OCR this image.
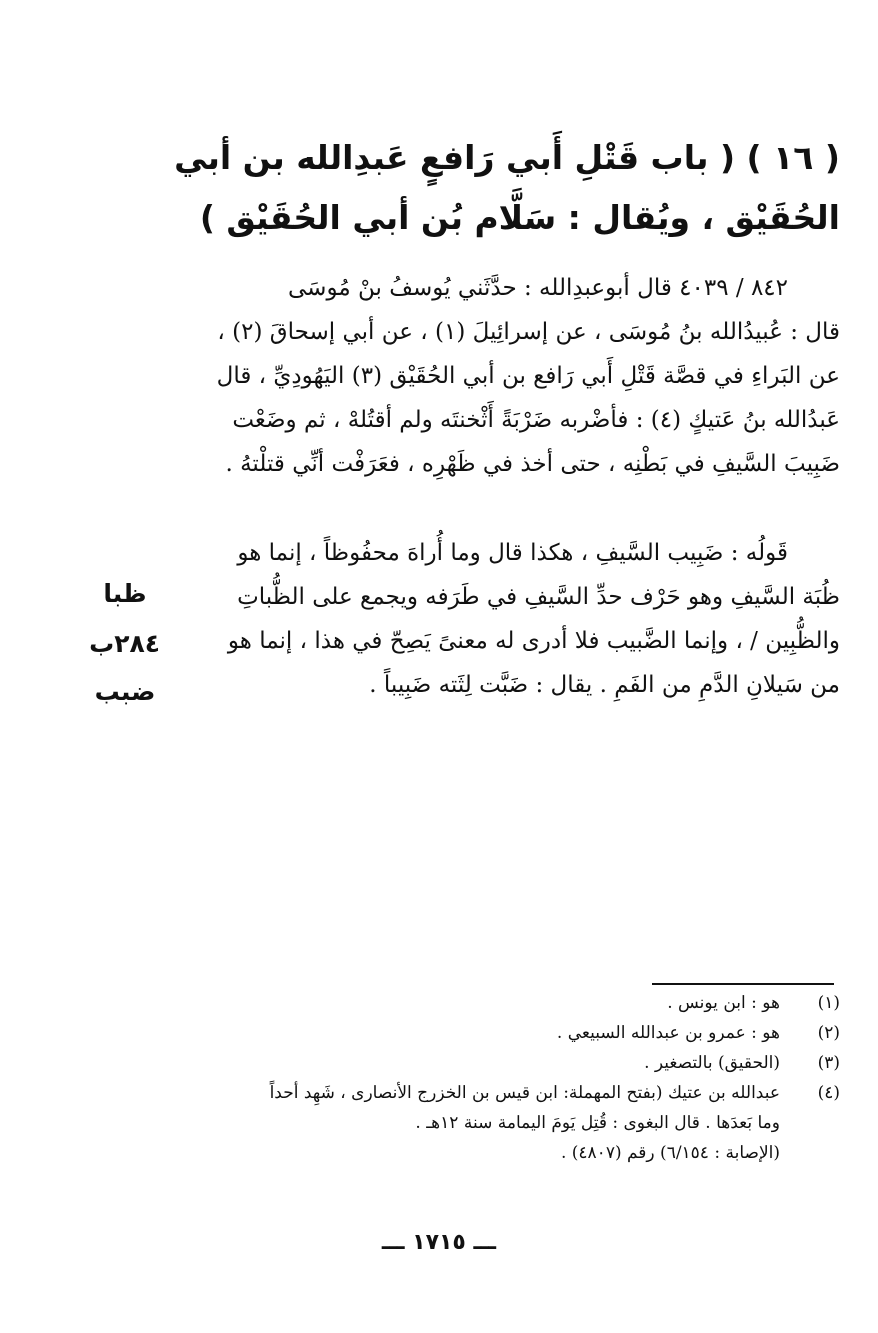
( ١٦ ) ( باب قَتْلِ أَبي رَافعٍ عَبدِالله بن أبي
الحُقَيْق ، ويُقال : سَلَّام بُن أبي الحُقَيْق )
٨٤٢ / ٤٠٣٩ قال أبوعبدِالله : حدَّثَني يُوسفُ بنْ مُوسَى
قال : عُبيدُالله بنُ مُوسَى ، عن إسرائِيلَ (١) ، عن أبي إسحاقَ (٢) ،
عن البَراءِ في قصَّة قَتْلِ أَبي رَافع بن أبي الحُقَيْق (٣) اليَهُودِيِّ ، قال
عَبدُالله بنُ عَتيكٍ (٤) : فأضْربه ضَرْبَةً أَثْخنتَه ولم أقتُلهْ ، ثم وضَعْت
ضَبِيبَ السَّيفِ في بَطْنِه ، حتى أخذ في ظَهْرِه ، فعَرَفْت أنِّي قتلْتهُ .
قَولُه : ضَبِيب السَّيفِ ، هكذا قال وما أُراهَ محفُوظاً ، إنما هو
ظُبَة السَّيفِ وهو حَرْف حدِّ السَّيفِ في طَرَفه ويجمع على الظُّباتِ
والظُّبِين / ، وإنما الضَّبيب فلا أدرى له معنىً يَصِحّ في هذا ، إنما هو
من سَيلانِ الدَّمِ من الفَمِ . يقال : ضَبَّت لِثَته ضَبِيباً .
ظبا
٢٨٤ب
ضبب
(١)
هو : ابن يونس .
(٢)
هو : عمرو بن عبدالله السبيعي .
(٣)
(الحقيق) بالتصغير .
(٤)
عبدالله بن عتيك (بفتح المهملة: ابن قيس بن الخزرج الأنصارى ، شَهِد أحداً
وما بَعدَها . قال البغوى : قُتِل يَومَ اليمامة سنة ١٢هـ .
(الإصابة : ٦/١٥٤) رقم (٤٨٠٧) .
ـــ ١٧١٥ ـــ
